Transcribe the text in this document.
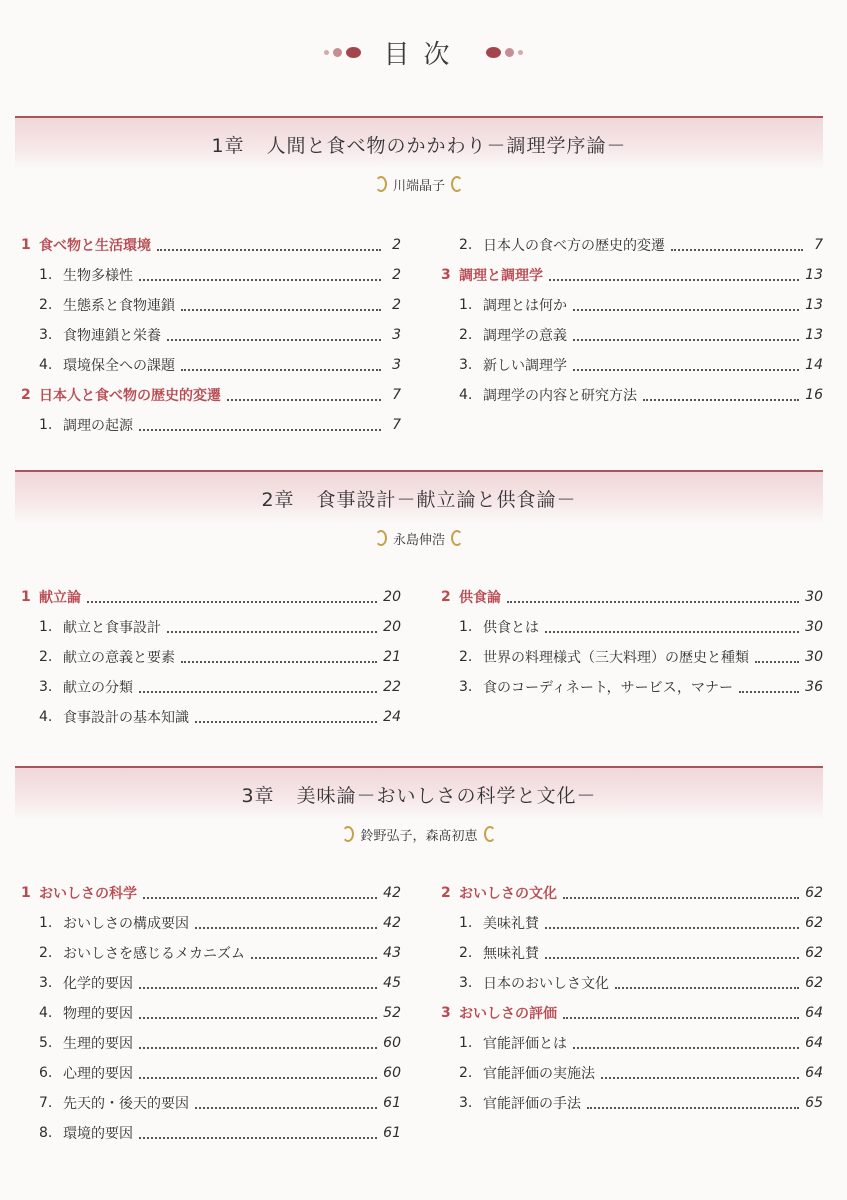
目次
1章 人間と食べ物のかかわり－調理学序論－
川端晶子
1 食べ物と生活環境	2
1. 生物多様性	2
2. 生態系と食物連鎖	2
3. 食物連鎖と栄養	3
4. 環境保全への課題	3
2 日本人と食べ物の歴史的変遷	7
1. 調理の起源	7
2. 日本人の食べ方の歴史的変遷	7
3 調理と調理学	13
1. 調理とは何か	13
2. 調理学の意義	13
3. 新しい調理学	14
4. 調理学の内容と研究方法	16
2章 食事設計－献立論と供食論－
永島伸浩
1 献立論	20
1. 献立と食事設計	20
2. 献立の意義と要素	21
3. 献立の分類	22
4. 食事設計の基本知識	24
2 供食論	30
1. 供食とは	30
2. 世界の料理様式（三大料理）の歴史と種類	30
3. 食のコーディネート，サービス，マナー	36
3章 美味論－おいしさの科学と文化－
鈴野弘子，森髙初恵
1 おいしさの科学	42
1. おいしさの構成要因	42
2. おいしさを感じるメカニズム	43
3. 化学的要因	45
4. 物理的要因	52
5. 生理的要因	60
6. 心理的要因	60
7. 先天的・後天的要因	61
8. 環境的要因	61
2 おいしさの文化	62
1. 美味礼賛	62
2. 無味礼賛	62
3. 日本のおいしさ文化	62
3 おいしさの評価	64
1. 官能評価とは	64
2. 官能評価の実施法	64
3. 官能評価の手法	65
